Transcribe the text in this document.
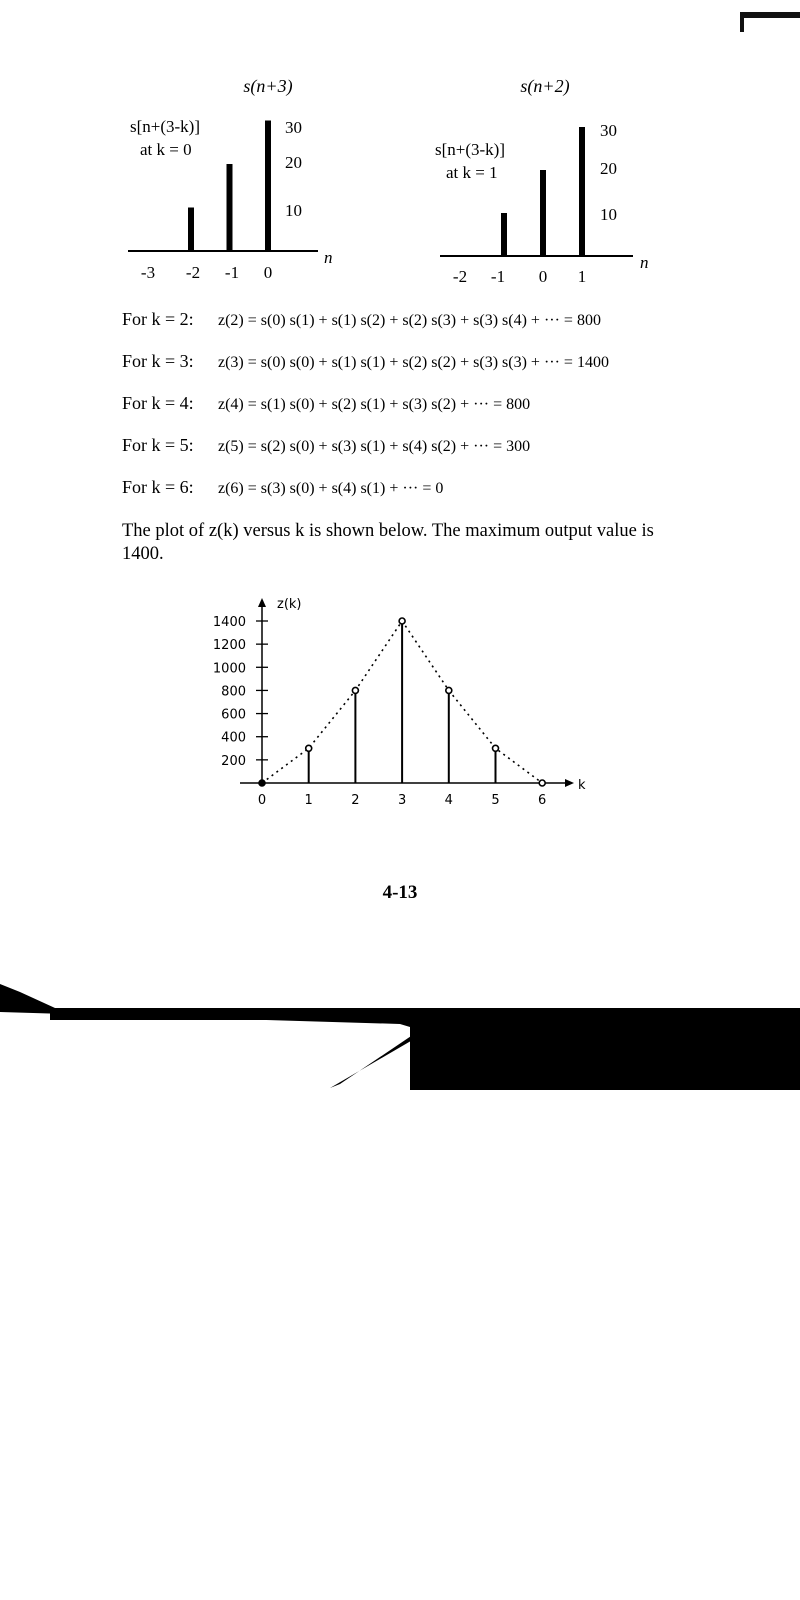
s(n+3)
s[n+(3-k)]
at k = 0
n
30
20
10
-3 -2 -1 0
s(n+2)
s[n+(3-k)]
at k = 1
n
30
20
10
-2 -1 0 1
For k = 2: z(2) = s(0) s(1) + s(1) s(2) + s(2) s(3) + s(3) s(4) + ··· = 800
For k = 3: z(3) = s(0) s(0) + s(1) s(1) + s(2) s(2) + s(3) s(3) + ··· = 1400
For k = 4: z(4) = s(1) s(0) + s(2) s(1) + s(3) s(2) + ··· = 800
For k = 5: z(5) = s(2) s(0) + s(3) s(1) + s(4) s(2) + ··· = 300
For k = 6: z(6) = s(3) s(0) + s(4) s(1) + ··· = 0
The plot of z(k) versus k is shown below. The maximum output value is 1400.
1400
1200
1000
800
600
400
200
0	1	2	3	4	5	6
z(k)
k
4-13
